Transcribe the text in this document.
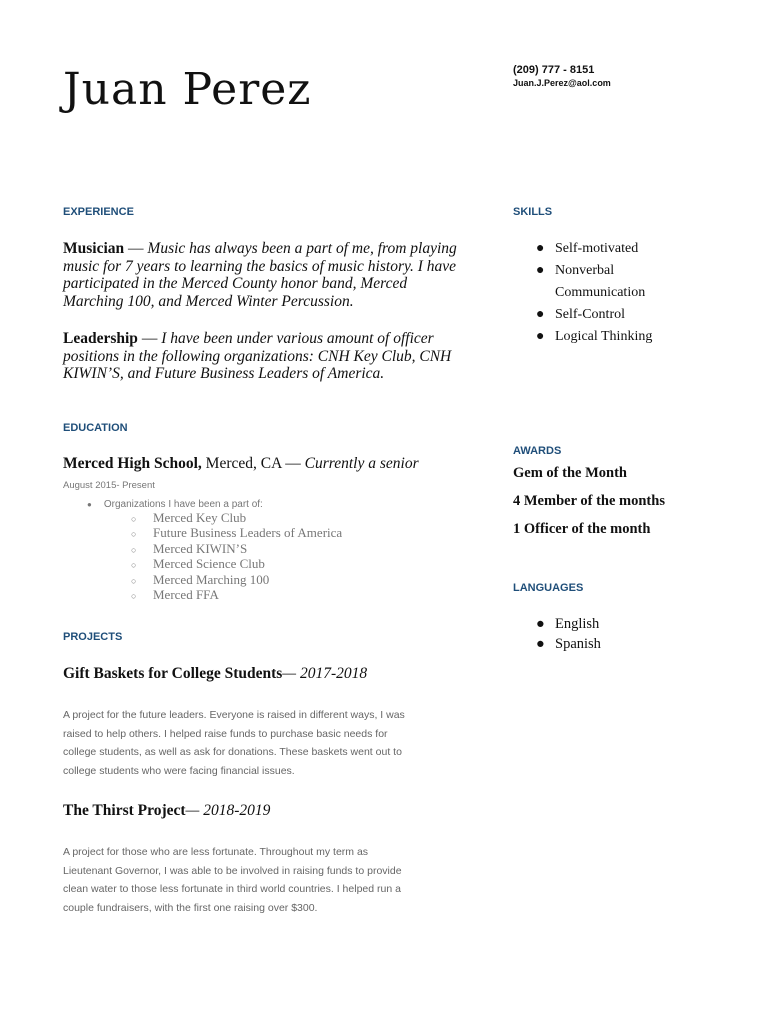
Juan Perez	(209) 777 - 8151
Juan.J.Perez@aol.com
EXPERIENCE
Musician — Music has always been a part of me, from playing
music for 7 years to learning the basics of music history. I have
participated in the Merced County honor band, Merced
Marching 100, and Merced Winter Percussion.
Leadership — I have been under various amount of officer
positions in the following organizations: CNH Key Club, CNH
KIWIN’S, and Future Business Leaders of America.
EDUCATION
Merced High School, Merced, CA — Currently a senior
August 2015- Present
● Organizations I have been a part of:
○ Merced Key Club
○ Future Business Leaders of America
○ Merced KIWIN’S
○ Merced Science Club
○ Merced Marching 100
○ Merced FFA
PROJECTS
Gift Baskets for College Students— 2017-2018
A project for the future leaders. Everyone is raised in different ways, I was
raised to help others. I helped raise funds to purchase basic needs for
college students, as well as ask for donations. These baskets went out to
college students who were facing financial issues.
The Thirst Project— 2018-2019
A project for those who are less fortunate. Throughout my term as
Lieutenant Governor, I was able to be involved in raising funds to provide
clean water to those less fortunate in third world countries. I helped run a
couple fundraisers, with the first one raising over $300.
SKILLS
● Self-motivated
● Nonverbal
Communication
● Self-Control
● Logical Thinking
AWARDS
Gem of the Month
4 Member of the months
1 Officer of the month
LANGUAGES
● English
● Spanish
